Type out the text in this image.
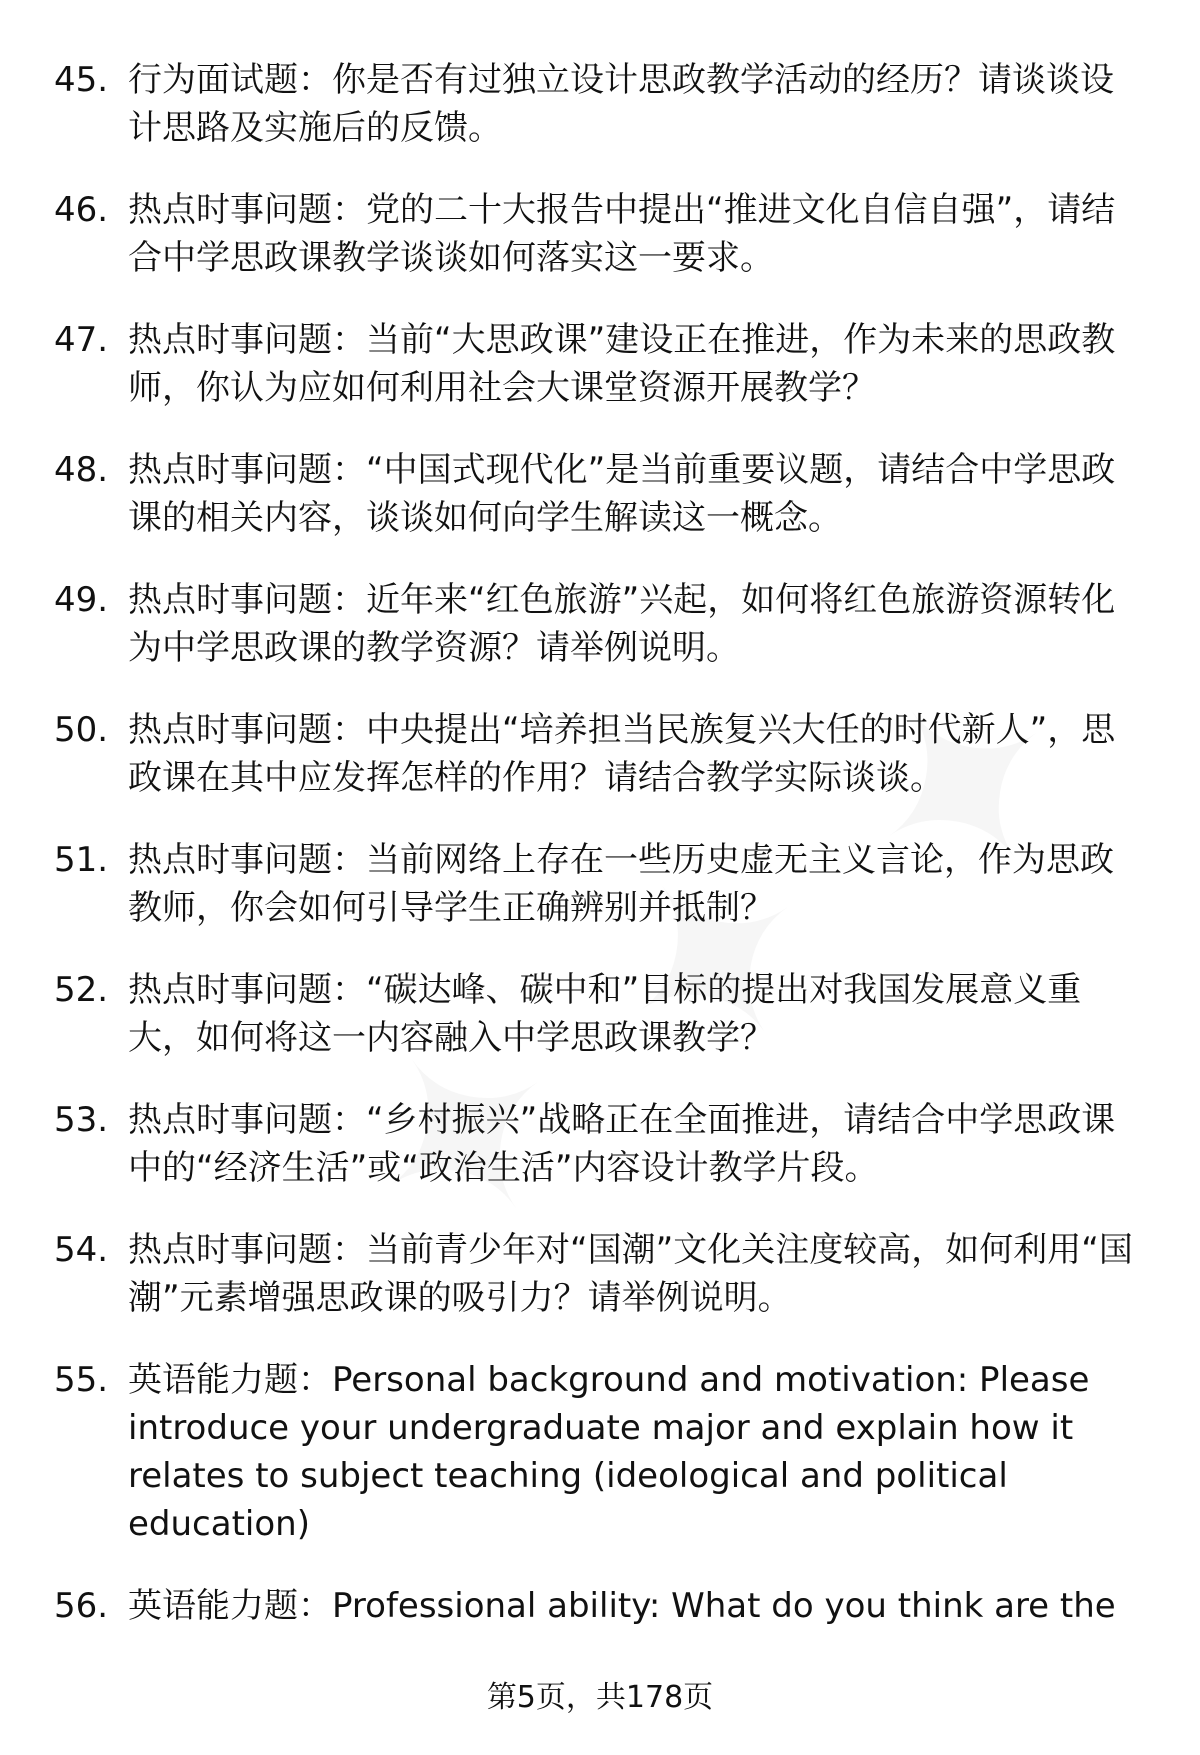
45. 行为面试题：你是否有过独立设计思政教学活动的经历？请谈谈设计思路及实施后的反馈。
46. 热点时事问题：党的二十大报告中提出“推进文化自信自强”，请结合中学思政课教学谈谈如何落实这一要求。
47. 热点时事问题：当前“大思政课”建设正在推进，作为未来的思政教师，你认为应如何利用社会大课堂资源开展教学？
48. 热点时事问题：“中国式现代化”是当前重要议题，请结合中学思政课的相关内容，谈谈如何向学生解读这一概念。
49. 热点时事问题：近年来“红色旅游”兴起，如何将红色旅游资源转化为中学思政课的教学资源？请举例说明。
50. 热点时事问题：中央提出“培养担当民族复兴大任的时代新人”，思政课在其中应发挥怎样的作用？请结合教学实际谈谈。
51. 热点时事问题：当前网络上存在一些历史虚无主义言论，作为思政教师，你会如何引导学生正确辨别并抵制？
52. 热点时事问题：“碳达峰、碳中和”目标的提出对我国发展意义重大，如何将这一内容融入中学思政课教学？
53. 热点时事问题：“乡村振兴”战略正在全面推进，请结合中学思政课中的“经济生活”或“政治生活”内容设计教学片段。
54. 热点时事问题：当前青少年对“国潮”文化关注度较高，如何利用“国潮”元素增强思政课的吸引力？请举例说明。
55. 英语能力题：Personal background and motivation: Please introduce your undergraduate major and explain how it relates to subject teaching (ideological and political education)
56. 英语能力题：Professional ability: What do you think are the
第5页，共178页
